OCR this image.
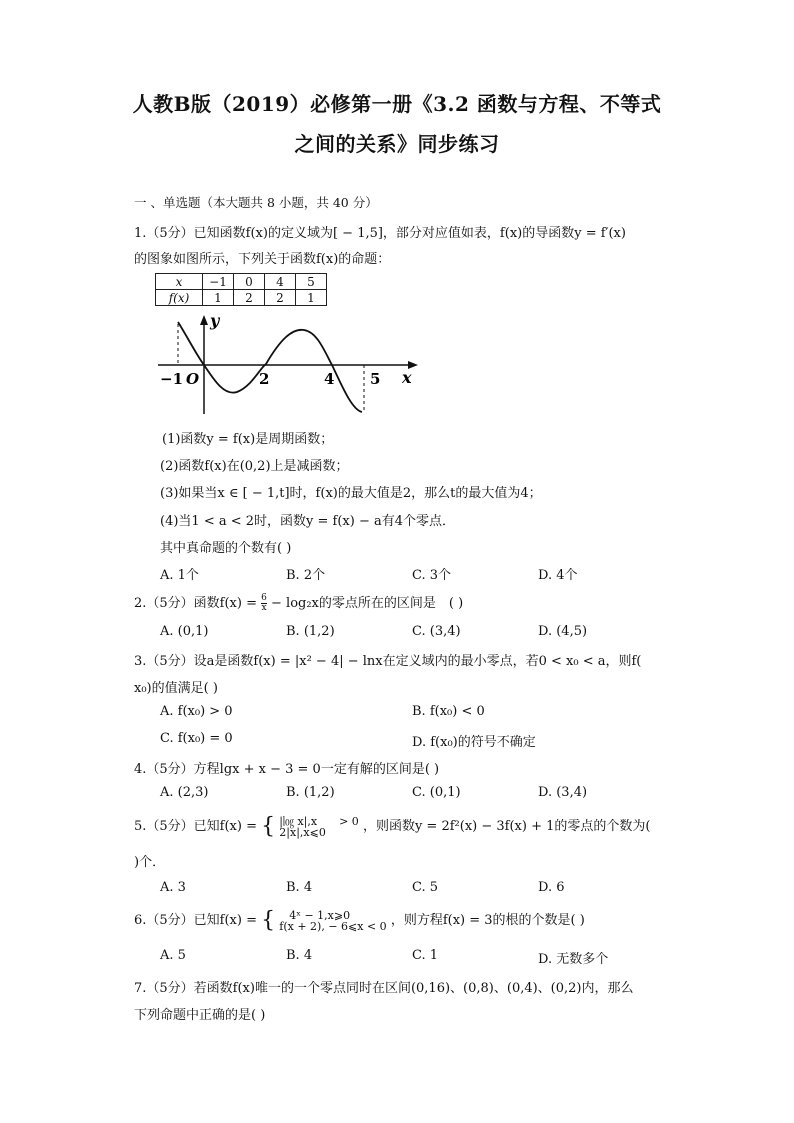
人教B版（2019）必修第一册《3.2 函数与方程、不等式
之间的关系》同步练习
一 、单选题（本大题共 8 小题，共 40 分）
1.（5分）已知函数f(x)的定义域为[ − 1,5]，部分对应值如表，f(x)的导函数y = f′(x)
的图象如图所示，下列关于函数f(x)的命题：
x	−1	0	4	5
f(x)	1	2	2	1
y
x
−1 O	2	4 5
(1)函数y = f(x)是周期函数；
(2)函数f(x)在(0,2)上是减函数；
(3)如果当x ∈ [ − 1,t]时，f(x)的最大值是2，那么t的最大值为4；
(4)当1 < a < 2时，函数y = f(x) − a有4个零点．
其中真命题的个数有( )
A. 1个	B. 2个	C. 3个	D. 4个
2.（5分）函数$f(x) = \frac{6}{x} - \log_2x$的零点所在的区间是　( )
A. (0,1)	B. (1,2)	C. (3,4)	D. (4,5)
3.（5分）设a是函数f(x) = |x² − 4| − lnx在定义域内的最小零点，若0 < x₀ < a，则f(
x₀)的值满足( )
A. f(x₀) > 0	B. f(x₀) < 0
C. f(x₀) = 0	D. f(x₀)的符号不确定
4.（5分）方程lgx + x − 3 = 0一定有解的区间是( )
A. (2,3)	B. (1,2)	C. (0,1)	D. (3,4)
5.（5分）已知f(x) = { |㏒ x|,x　　> 0
2|x|,x⩽0	，则函数y = 2f²(x) − 3f(x) + 1的零点的个数为(
)个．
A. 3	B. 4	C. 5	D. 6
6.（5分）已知f(x) = {	4ˣ − 1,x⩾0
f(x + 2), − 6⩽x < 0 ，则方程f(x) = 3的根的个数是( )
A. 5	B. 4	C. 1	D. 无数多个
7.（5分）若函数f(x)唯一的一个零点同时在区间(0,16)、(0,8)、(0,4)、(0,2)内，那么
下列命题中正确的是( )
